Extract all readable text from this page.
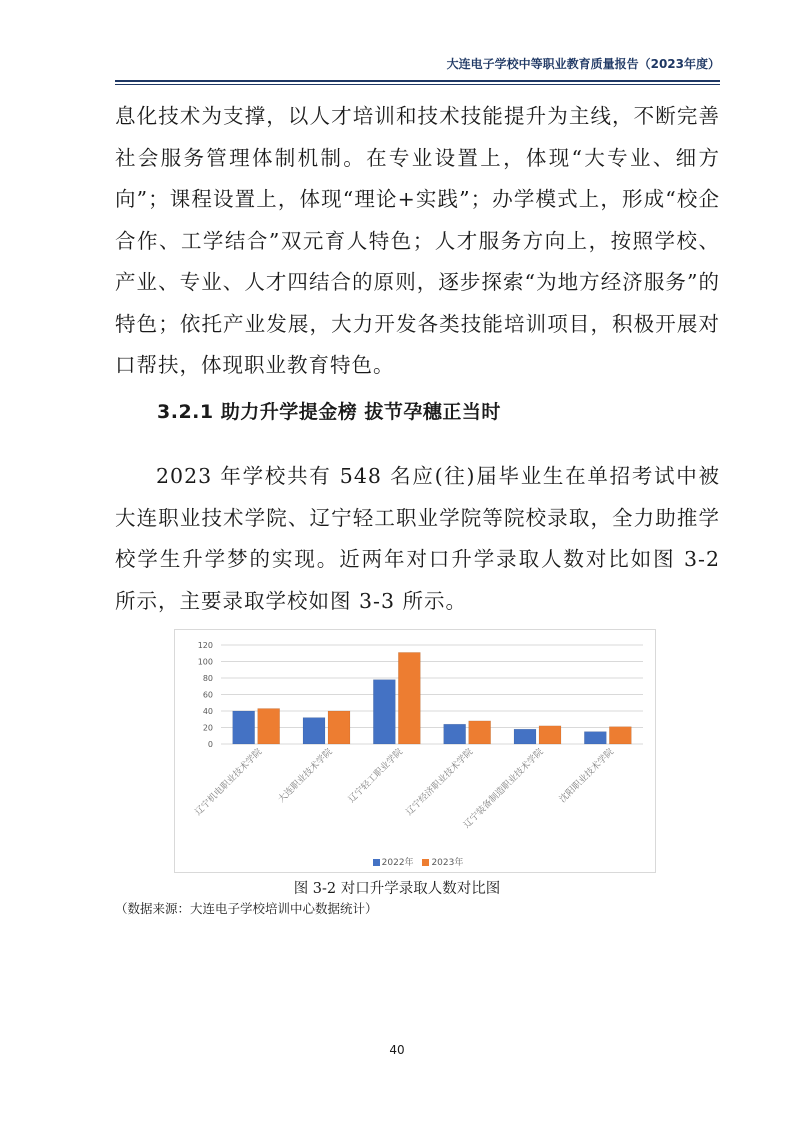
大连电子学校中等职业教育质量报告（2023年度）

息化技术为支撑，以人才培训和技术技能提升为主线，不断完善社会服务管理体制机制。在专业设置上，体现“大专业、细方向”；课程设置上，体现“理论+实践”；办学模式上，形成“校企合作、工学结合”双元育人特色；人才服务方向上，按照学校、产业、专业、人才四结合的原则，逐步探索“为地方经济服务”的特色；依托产业发展，大力开发各类技能培训项目，积极开展对口帮扶，体现职业教育特色。

3.2.1 助力升学提金榜 拔节孕穗正当时

2023 年学校共有 548 名应(往)届毕业生在单招考试中被大连职业技术学院、辽宁轻工职业学院等院校录取，全力助推学校学生升学梦的实现。近两年对口升学录取人数对比如图 3-2 所示，主要录取学校如图 3-3 所示。

0
20
40
60
80
100
120
辽宁机电职业技术学院 大连职业技术学院 辽宁轻工职业学院 辽宁经济职业技术学院
辽宁装备制造职业技术学院 沈阳职业技术学院
2022年 2023年

图 3-2 对口升学录取人数对比图

（数据来源：大连电子学校培训中心数据统计）

40
